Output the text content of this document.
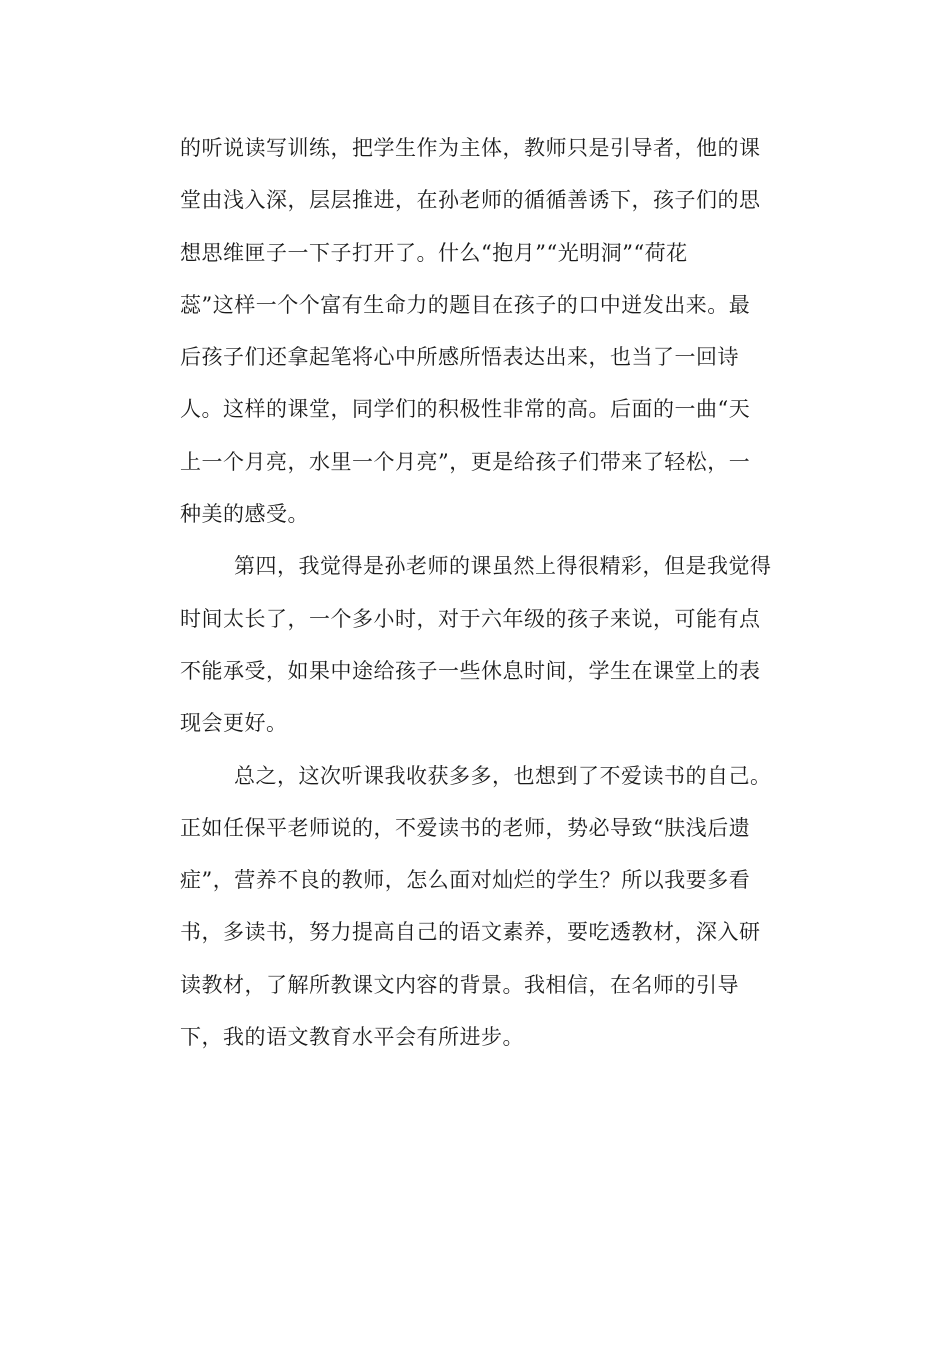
的听说读写训练，把学生作为主体，教师只是引导者，他的课
堂由浅入深，层层推进，在孙老师的循循善诱下，孩子们的思
想思维匣子一下子打开了。什么“抱月”“光明洞”“荷花
蕊”这样一个个富有生命力的题目在孩子的口中迸发出来。最
后孩子们还拿起笔将心中所感所悟表达出来，也当了一回诗
人。这样的课堂，同学们的积极性非常的高。后面的一曲“天
上一个月亮，水里一个月亮”，更是给孩子们带来了轻松，一
种美的感受。
第四，我觉得是孙老师的课虽然上得很精彩，但是我觉得
时间太长了，一个多小时，对于六年级的孩子来说，可能有点
不能承受，如果中途给孩子一些休息时间，学生在课堂上的表
现会更好。
总之，这次听课我收获多多，也想到了不爱读书的自己。
正如任保平老师说的，不爱读书的老师，势必导致“肤浅后遗
症”，营养不良的教师，怎么面对灿烂的学生？所以我要多看
书，多读书，努力提高自己的语文素养，要吃透教材，深入研
读教材，了解所教课文内容的背景。我相信，在名师的引导
下，我的语文教育水平会有所进步。
